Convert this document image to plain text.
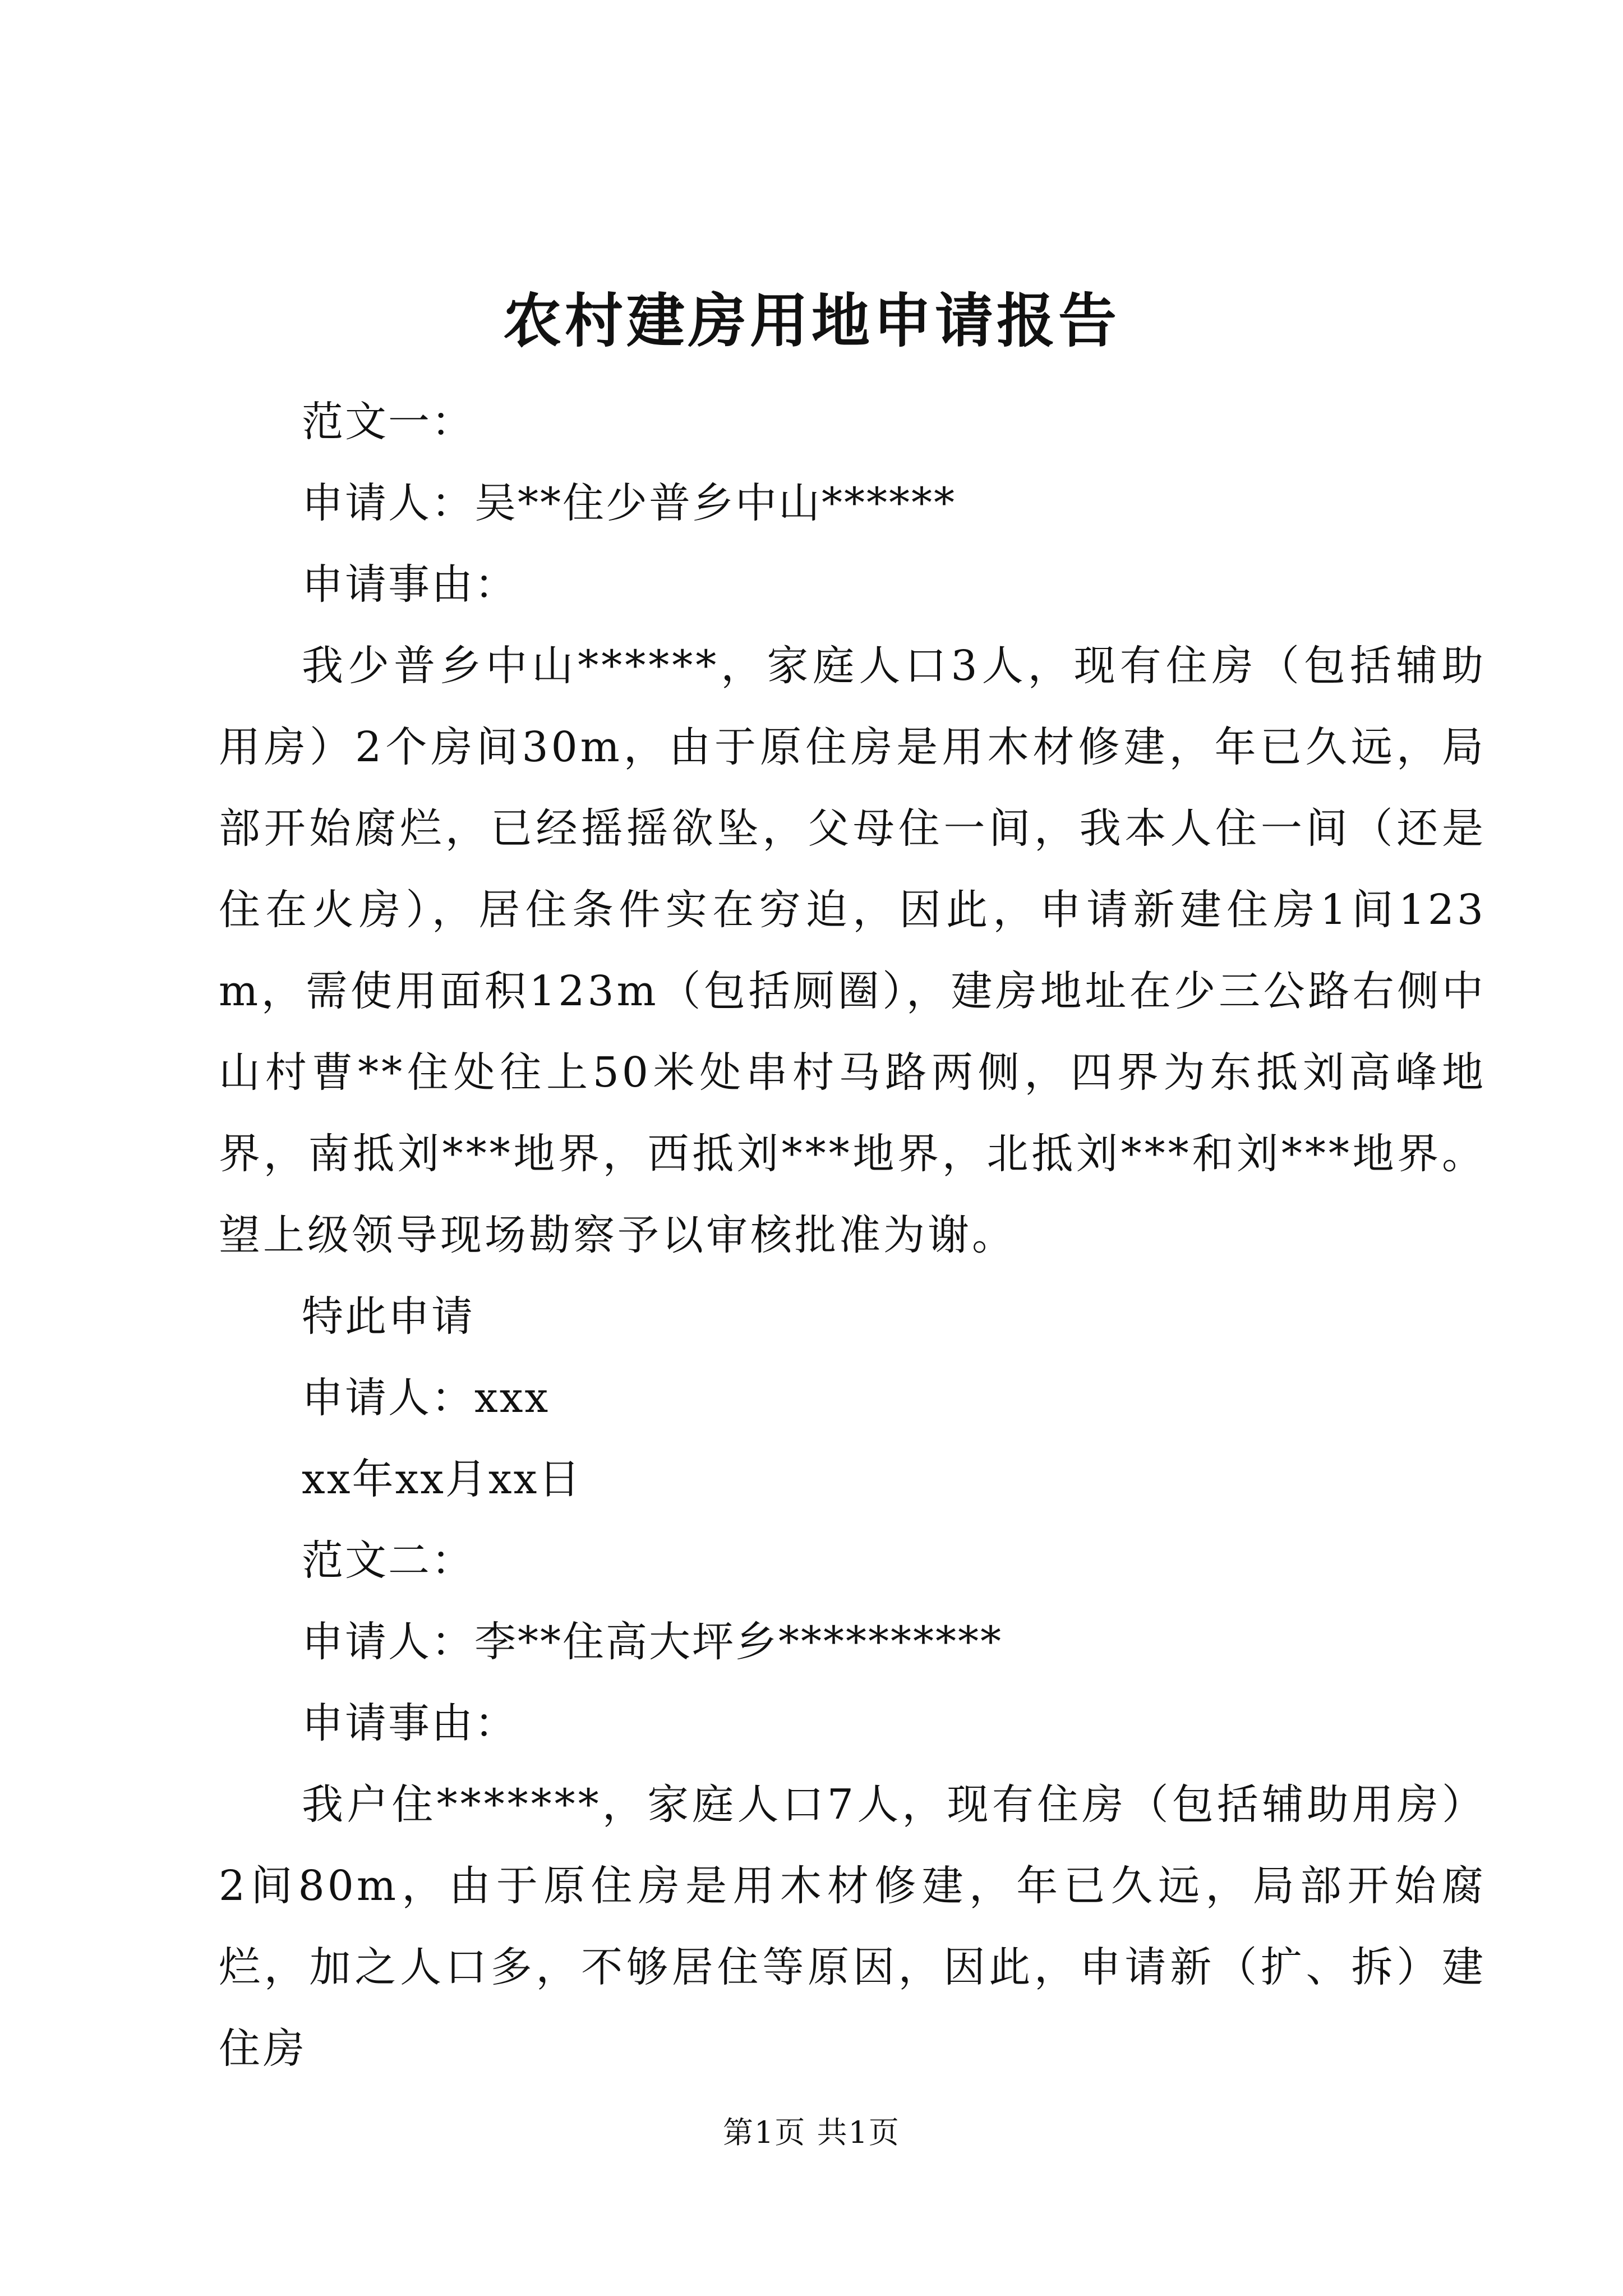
农村建房用地申请报告

范文一：

申请人：吴**住少普乡中山******

申请事由：

我少普乡中山******，家庭人口3人，现有住房（包括辅助用房）2个房间30m，由于原住房是用木材修建，年已久远，局部开始腐烂，已经摇摇欲坠，父母住一间，我本人住一间（还是住在火房），居住条件实在穷迫，因此，申请新建住房1间123m，需使用面积123m（包括厕圈），建房地址在少三公路右侧中山村曹**住处往上50米处串村马路两侧，四界为东抵刘高峰地界，南抵刘***地界，西抵刘***地界，北抵刘***和刘***地界。望上级领导现场勘察予以审核批准为谢。

特此申请

申请人：xxx

xx年xx月xx日

范文二：

申请人：李**住高大坪乡**********

申请事由：

我户住*******，家庭人口7人，现有住房（包括辅助用房）2间80m，由于原住房是用木材修建，年已久远，局部开始腐烂，加之人口多，不够居住等原因，因此，申请新（扩、拆）建住房

第1页 共1页
